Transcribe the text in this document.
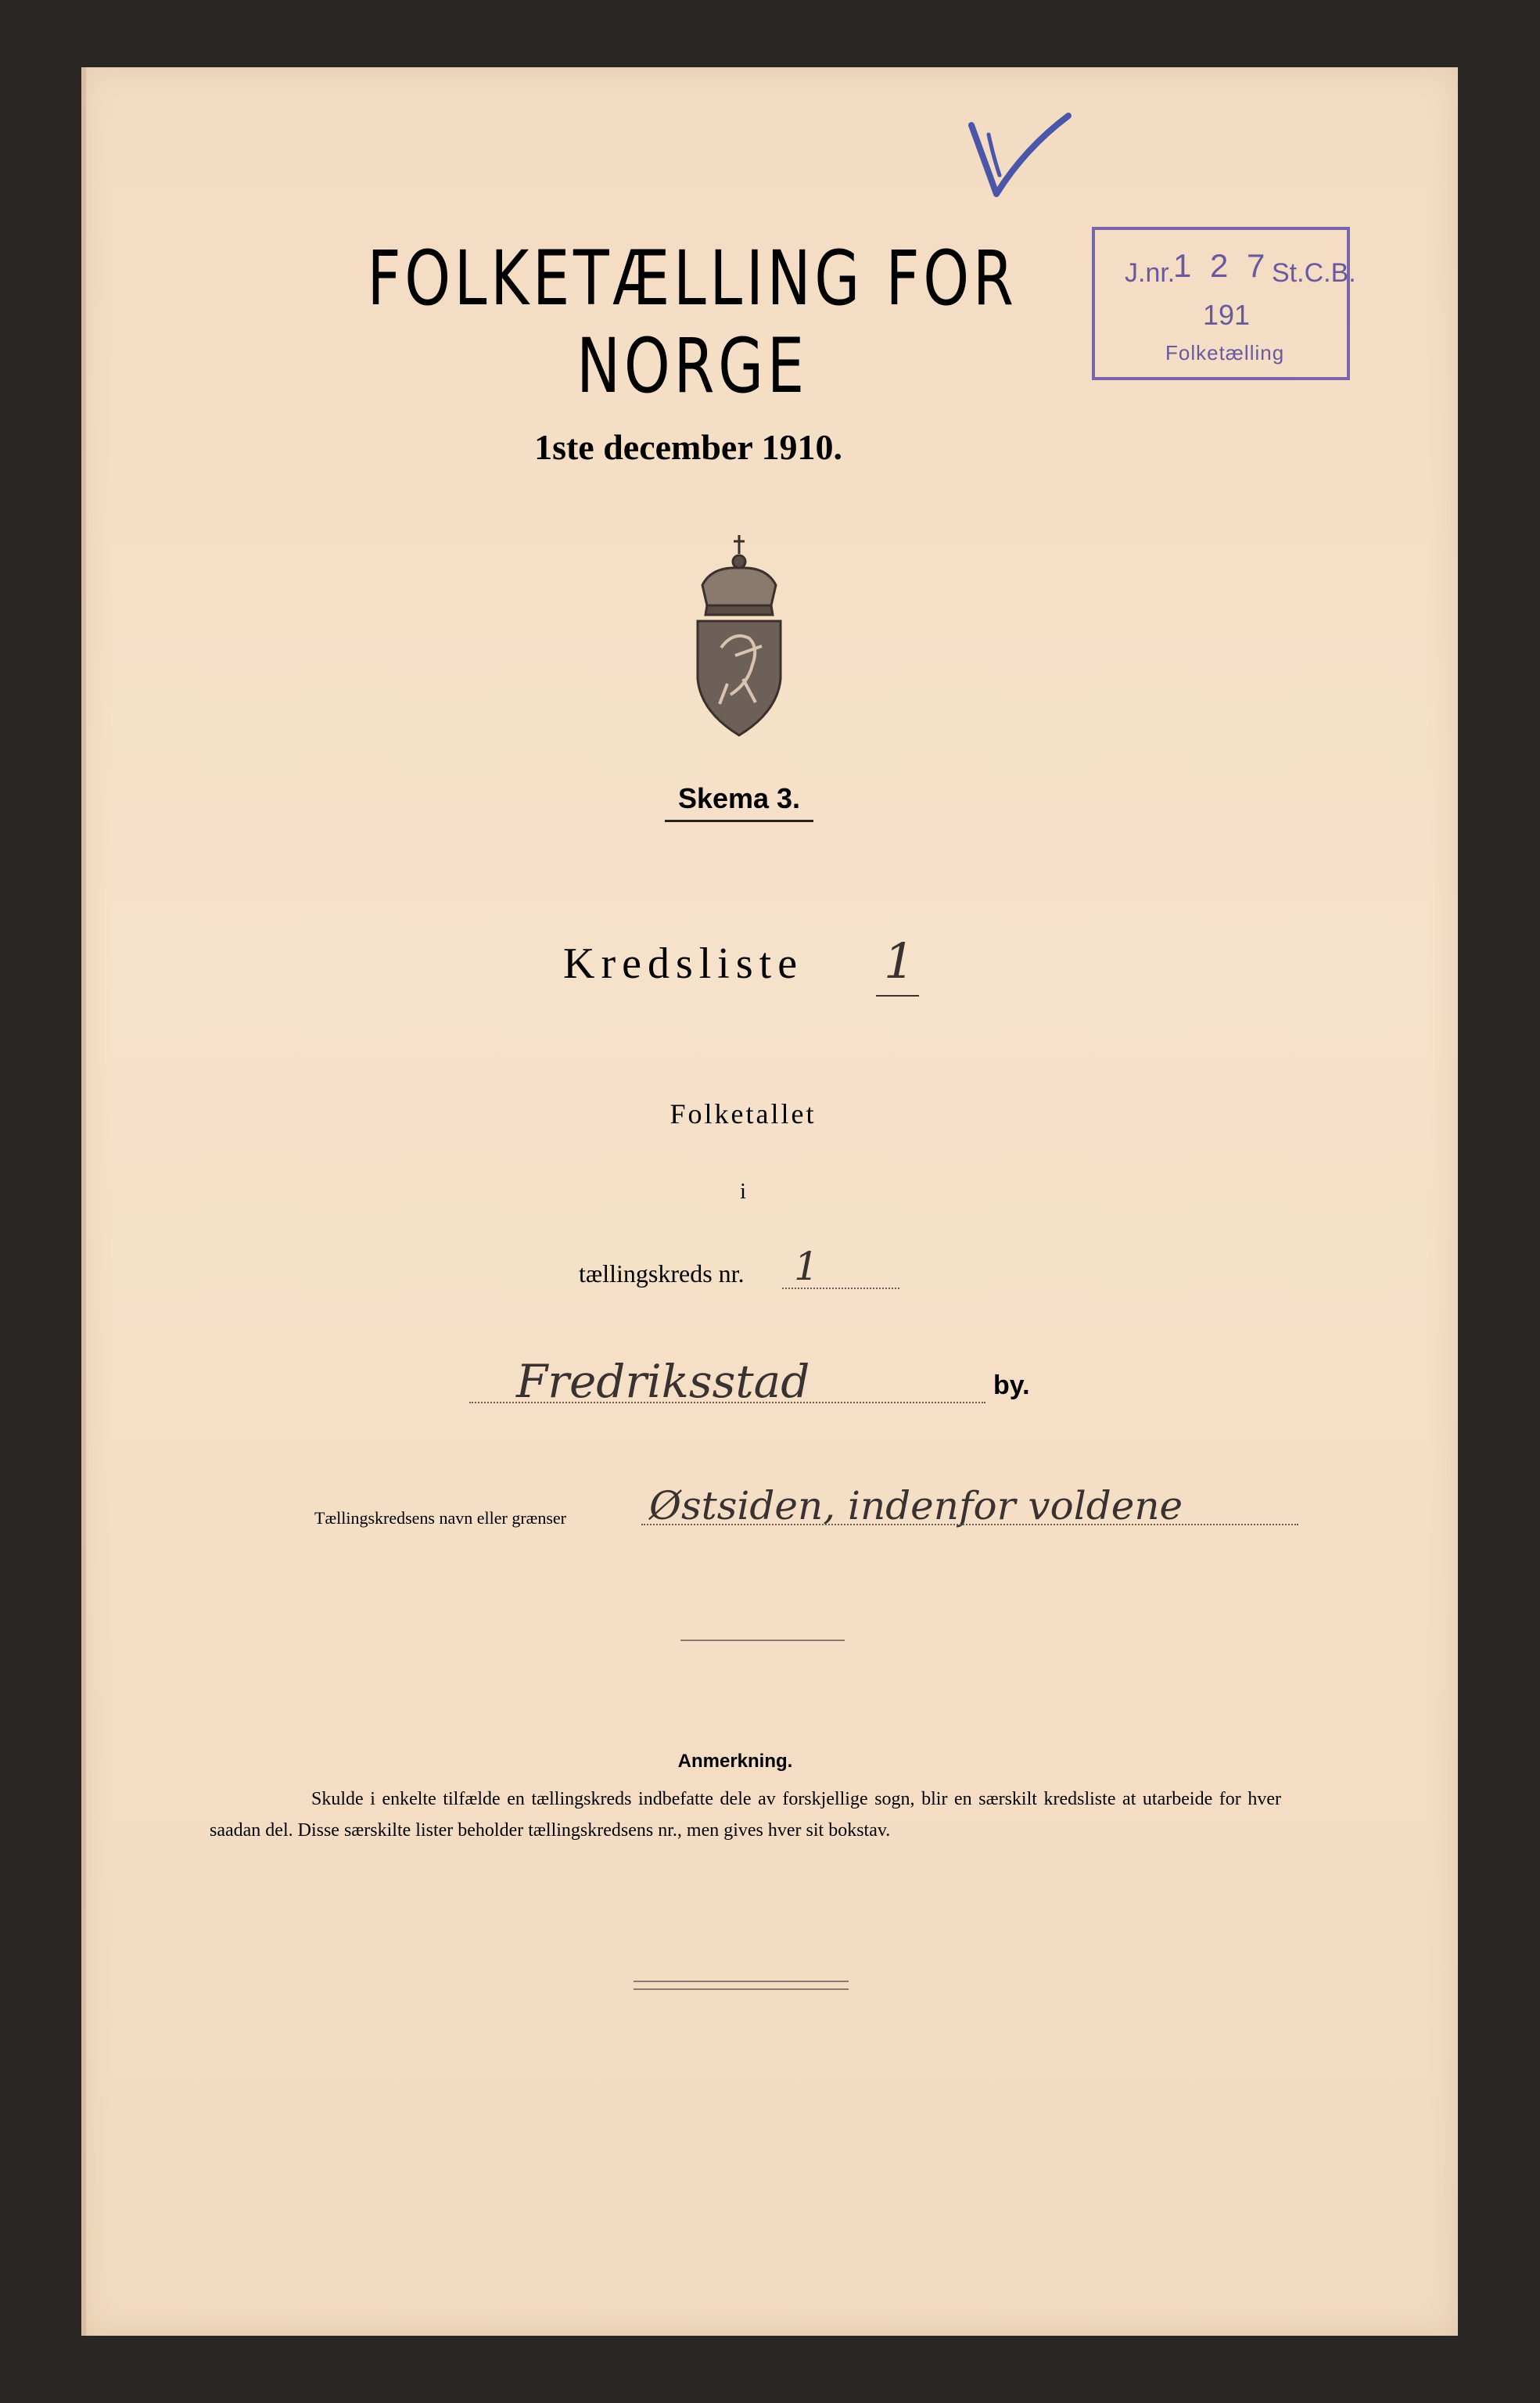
FOLKETÆLLING FOR NORGE
1ste december 1910.
Skema 3.
Kredsliste 1
Folketallet
i
tællingskreds nr. 1
Fredriksstad	by.
Tællingskredsens navn eller grænser Østsiden, indenfor voldene
Anmerkning.
Skulde i enkelte tilfælde en tællingskreds indbefatte dele av forskjellige sogn, blir en særskilt kredsliste at utarbeide for hver saadan del. Disse særskilte lister beholder tællingskredsens nr., men gives hver sit bokstav.
J.nr.
1 2 7 St.C.B.
191
Folketælling
